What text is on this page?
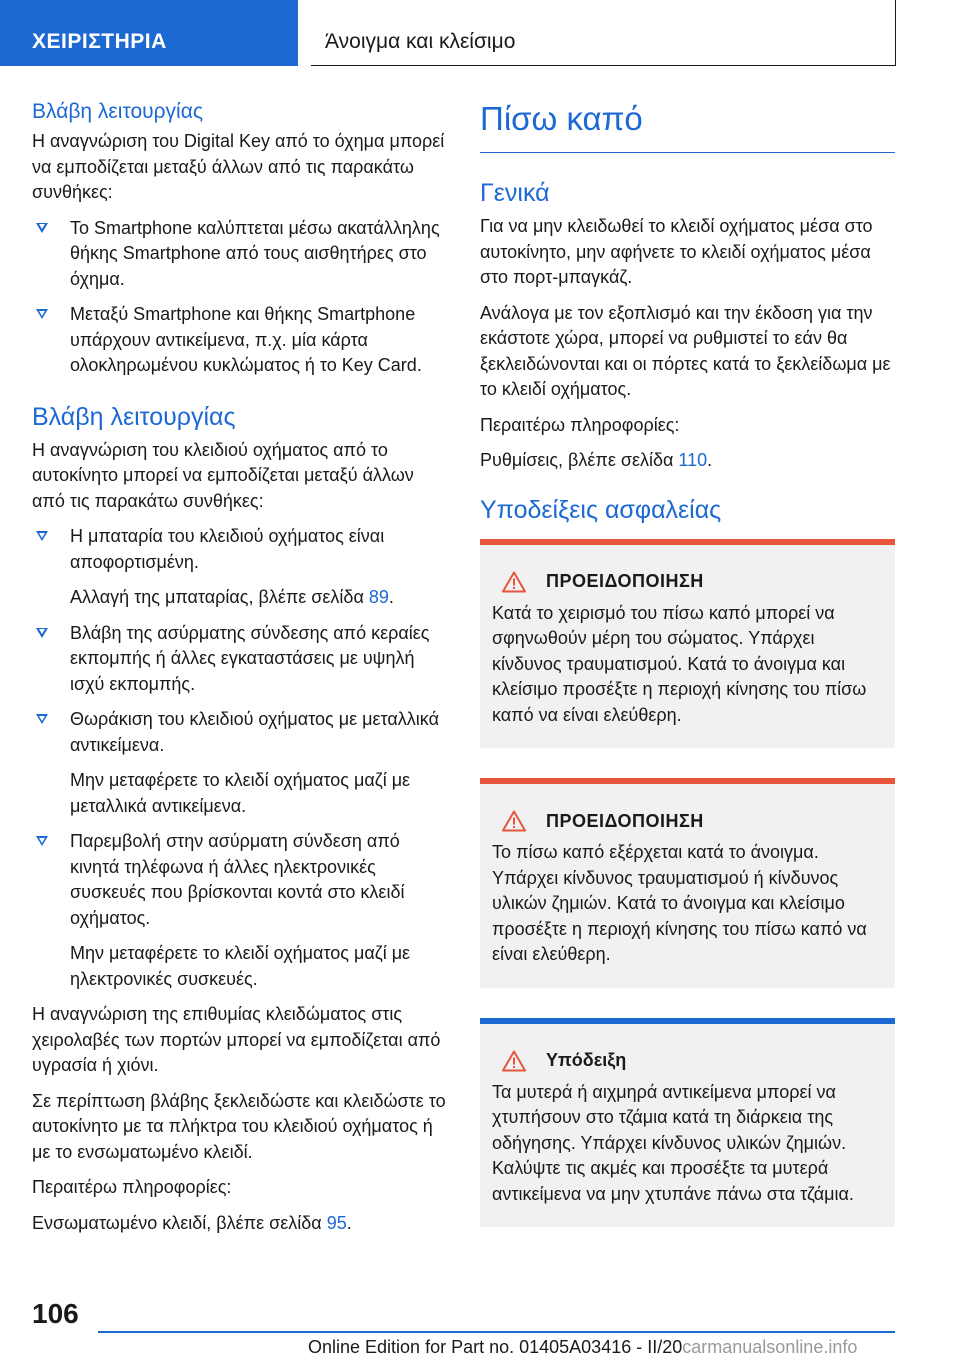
ΧΕΙΡΙΣΤΗΡΙΑ	Άνοιγμα και κλείσιμο
Βλάβη λειτουργίας

Η αναγνώριση του Digital Key από το όχημα μπορεί να εμποδίζεται μεταξύ άλλων από τις παρακάτω συνθήκες:

Το Smartphone καλύπτεται μέσω ακατάλληλης θήκης Smartphone από τους αισθητήρες στο όχημα.

Μεταξύ Smartphone και θήκης Smartphone υπάρχουν αντικείμενα, π.χ. μία κάρτα ολοκληρωμένου κυκλώματος ή το Key Card.

Βλάβη λειτουργίας

Η αναγνώριση του κλειδιού οχήματος από το αυτοκίνητο μπορεί να εμποδίζεται μεταξύ άλλων από τις παρακάτω συνθήκες:

Η μπαταρία του κλειδιού οχήματος είναι αποφορτισμένη.

Αλλαγή της μπαταρίας, βλέπε σελίδα 89.

Βλάβη της ασύρματης σύνδεσης από κεραίες εκπομπής ή άλλες εγκαταστάσεις με υψηλή ισχύ εκπομπής.

Θωράκιση του κλειδιού οχήματος με μεταλλικά αντικείμενα.

Μην μεταφέρετε το κλειδί οχήματος μαζί με μεταλλικά αντικείμενα.

Παρεμβολή στην ασύρματη σύνδεση από κινητά τηλέφωνα ή άλλες ηλεκτρονικές συσκευές που βρίσκονται κοντά στο κλειδί οχήματος.

Μην μεταφέρετε το κλειδί οχήματος μαζί με ηλεκτρονικές συσκευές.

Η αναγνώριση της επιθυμίας κλειδώματος στις χειρολαβές των πορτών μπορεί να εμποδίζεται από υγρασία ή χιόνι.

Σε περίπτωση βλάβης ξεκλειδώστε και κλειδώστε το αυτοκίνητο με τα πλήκτρα του κλειδιού οχήματος ή με το ενσωματωμένο κλειδί.

Περαιτέρω πληροφορίες:

Ενσωματωμένο κλειδί, βλέπε σελίδα 95.

Πίσω καπό
Γενικά

Για να μην κλειδωθεί το κλειδί οχήματος μέσα στο αυτοκίνητο, μην αφήνετε το κλειδί οχήματος μέσα στο πορτ-μπαγκάζ.

Ανάλογα με τον εξοπλισμό και την έκδοση για την εκάστοτε χώρα, μπορεί να ρυθμιστεί το εάν θα ξεκλειδώνονται και οι πόρτες κατά το ξεκλείδωμα με το κλειδί οχήματος.

Περαιτέρω πληροφορίες:

Ρυθμίσεις, βλέπε σελίδα 110.

Υποδείξεις ασφαλείας
ΠΡΟΕΙΔΟΠΟΙΗΣΗ

Κατά το χειρισμό του πίσω καπό μπορεί να σφηνωθούν μέρη του σώματος. Υπάρχει κίνδυνος τραυματισμού. Κατά το άνοιγμα και κλείσιμο προσέξτε η περιοχή κίνησης του πίσω καπό να είναι ελεύθερη.

ΠΡΟΕΙΔΟΠΟΙΗΣΗ

Το πίσω καπό εξέρχεται κατά το άνοιγμα. Υπάρχει κίνδυνος τραυματισμού ή κίνδυνος υλικών ζημιών. Κατά το άνοιγμα και κλείσιμο προσέξτε η περιοχή κίνησης του πίσω καπό να είναι ελεύθερη.

Υπόδειξη

Τα μυτερά ή αιχμηρά αντικείμενα μπορεί να χτυπήσουν στο τζάμια κατά τη διάρκεια της οδήγησης. Υπάρχει κίνδυνος υλικών ζημιών. Καλύψτε τις ακμές και προσέξτε τα μυτερά αντικείμενα να μην χτυπάνε πάνω στα τζάμια.

106
Online Edition for Part no. 01405A03416 - II/20carmanualsonline.info
